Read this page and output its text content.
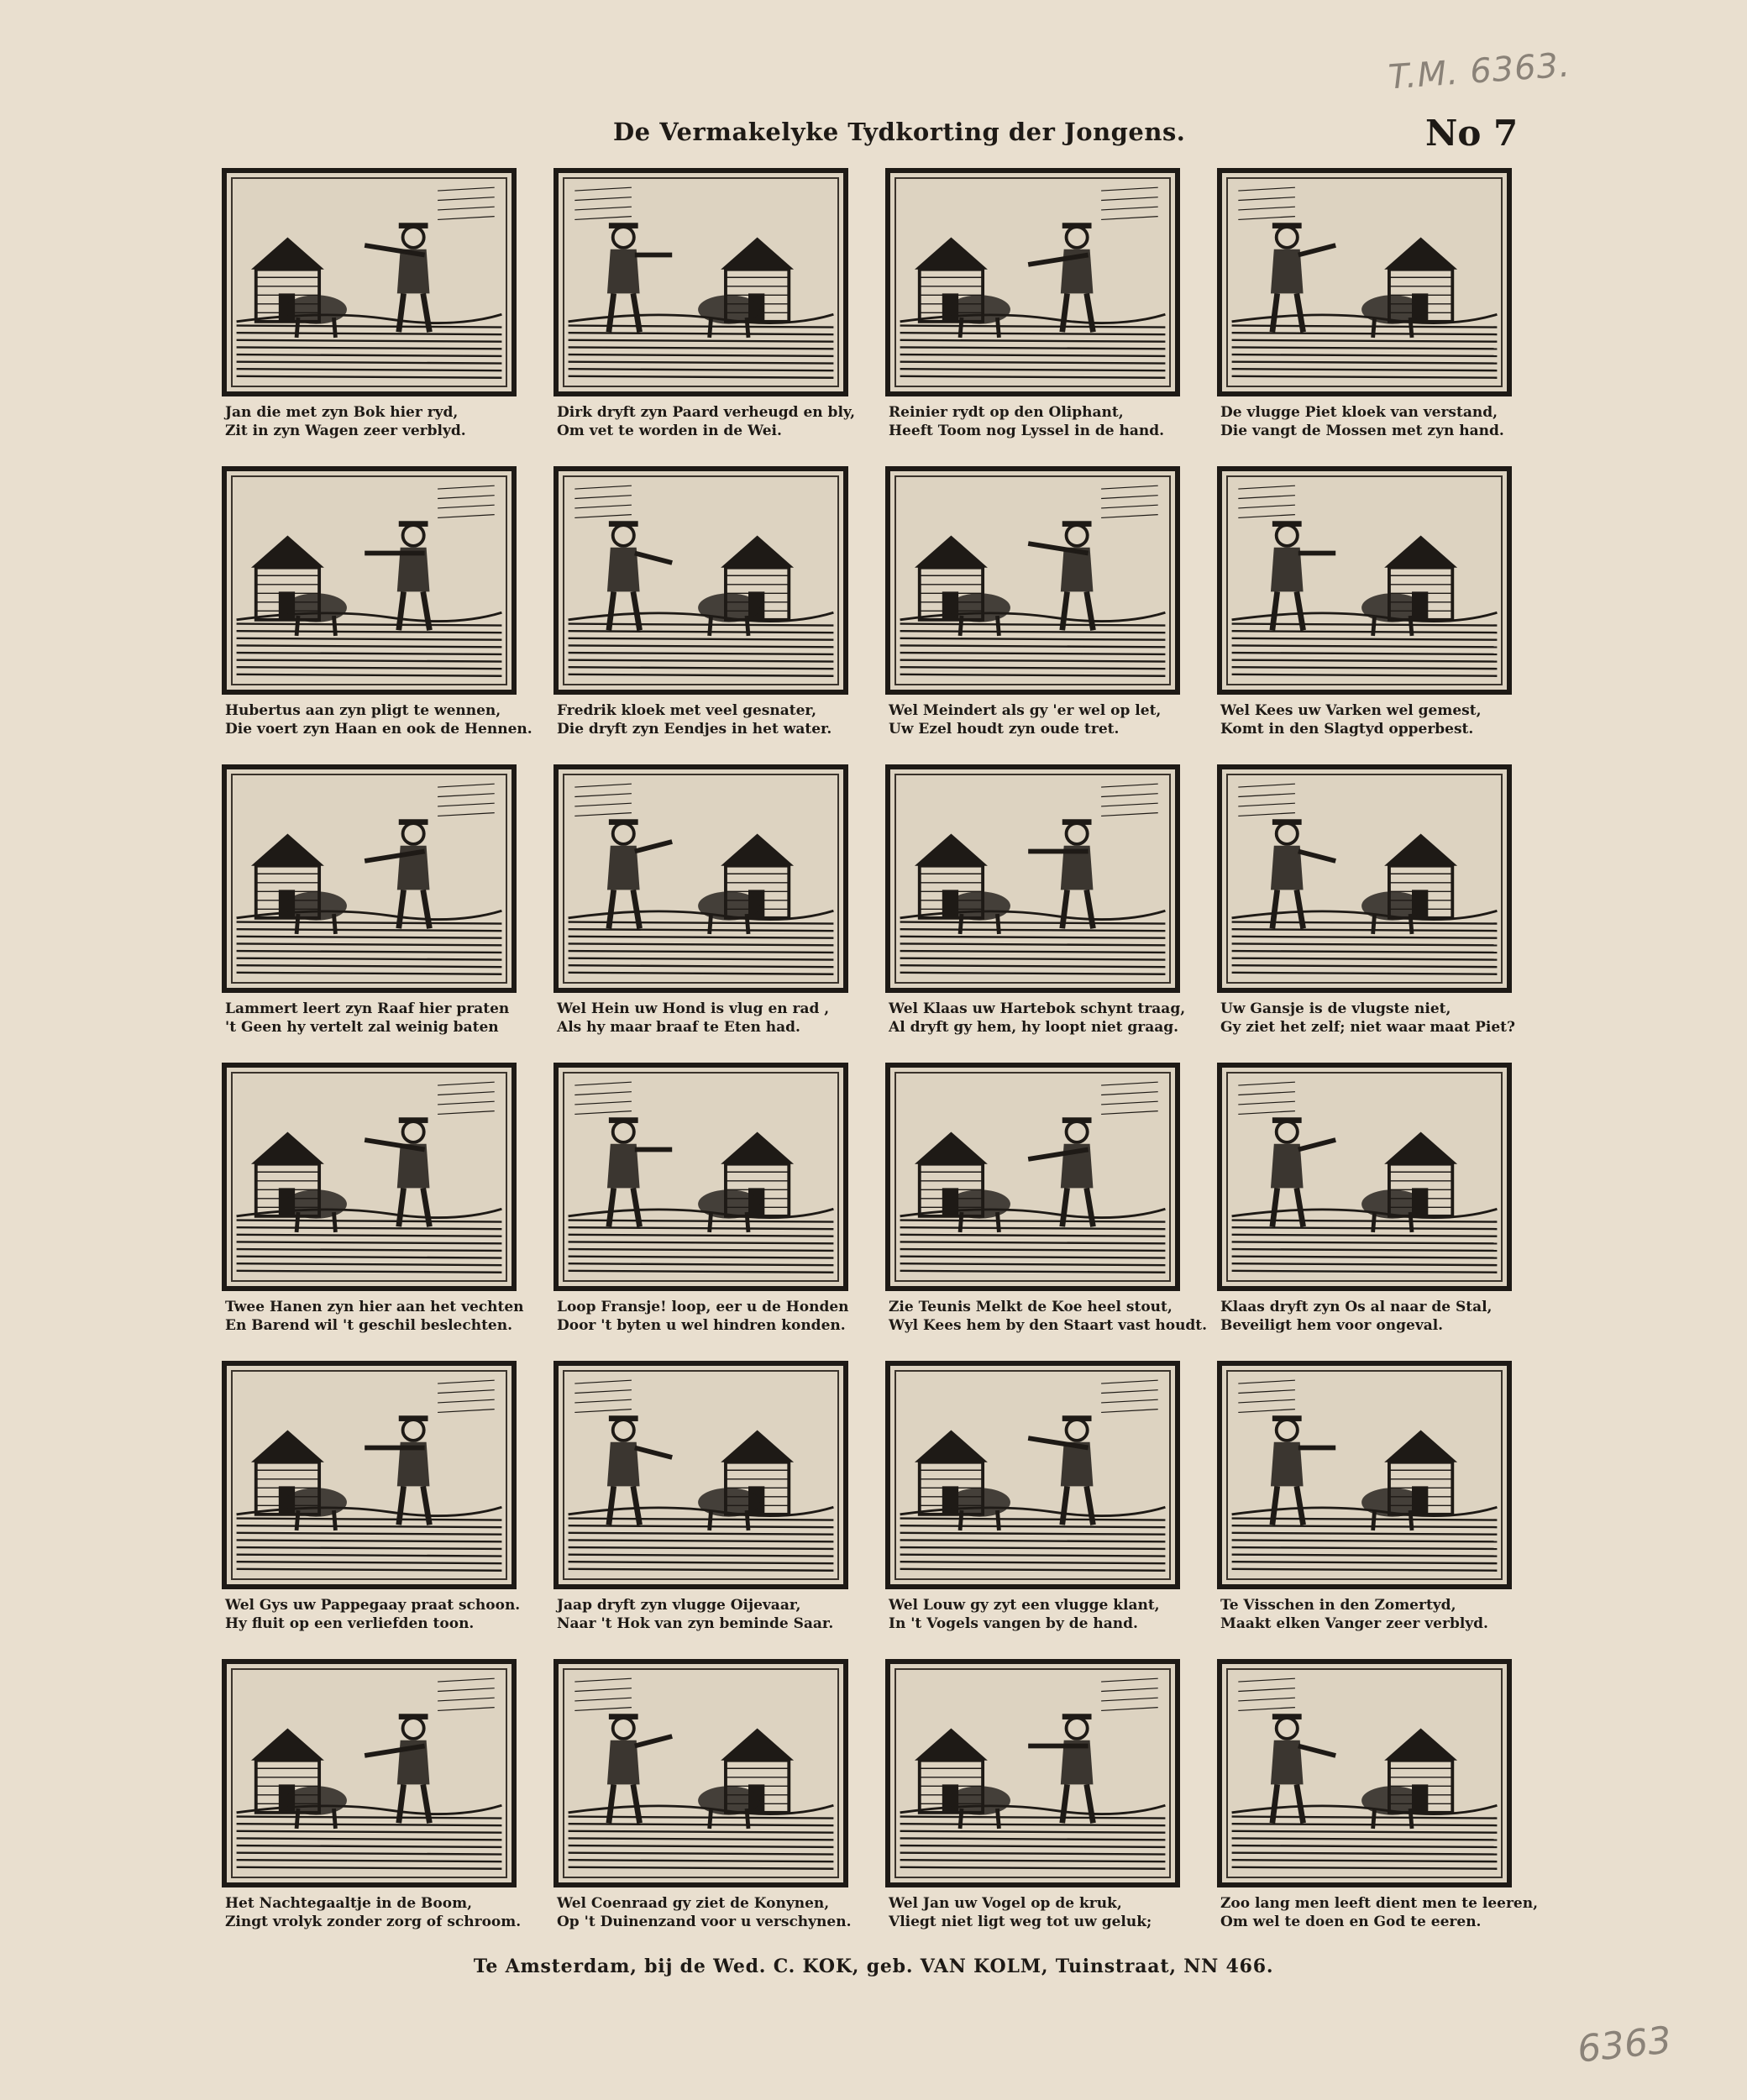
T.M. 6363.
De Vermakelyke Tydkorting der Jongens.	No 7
Jan die met zyn Bok hier ryd,
Zit in zyn Wagen zeer verblyd.
Dirk dryft zyn Paard verheugd en bly,
Om vet te worden in de Wei.
Reinier rydt op den Oliphant,
Heeft Toom nog Lyssel in de hand.
De vlugge Piet kloek van verstand,
Die vangt de Mossen met zyn hand.
Hubertus aan zyn pligt te wennen,
Die voert zyn Haan en ook de Hennen.
Fredrik kloek met veel gesnater,
Die dryft zyn Eendjes in het water.
Wel Meindert als gy 'er wel op let,
Uw Ezel houdt zyn oude tret.
Wel Kees uw Varken wel gemest,
Komt in den Slagtyd opperbest.
Lammert leert zyn Raaf hier praten
't Geen hy vertelt zal weinig baten
Wel Hein uw Hond is vlug en rad ,
Als hy maar braaf te Eten had.
Wel Klaas uw Hartebok schynt traag,
Al dryft gy hem, hy loopt niet graag.
Uw Gansje is de vlugste niet,
Gy ziet het zelf; niet waar maat Piet?
Twee Hanen zyn hier aan het vechten
En Barend wil 't geschil beslechten.
Loop Fransje! loop, eer u de Honden
Door 't byten u wel hindren konden.
Zie Teunis Melkt de Koe heel stout,
Wyl Kees hem by den Staart vast houdt.
Klaas dryft zyn Os al naar de Stal,
Beveiligt hem voor ongeval.
Wel Gys uw Pappegaay praat schoon.
Hy fluit op een verliefden toon.
Jaap dryft zyn vlugge Oijevaar,
Naar 't Hok van zyn beminde Saar.
Wel Louw gy zyt een vlugge klant,
In 't Vogels vangen by de hand.
Te Visschen in den Zomertyd,
Maakt elken Vanger zeer verblyd.
Het Nachtegaaltje in de Boom,
Zingt vrolyk zonder zorg of schroom.
Wel Coenraad gy ziet de Konynen,
Op 't Duinenzand voor u verschynen.
Wel Jan uw Vogel op de kruk,
Vliegt niet ligt weg tot uw geluk;
Zoo lang men leeft dient men te leeren,
Om wel te doen en God te eeren.
Te Amsterdam, bij de Wed. C. KOK, geb. VAN KOLM, Tuinstraat, NN 466.
6363
